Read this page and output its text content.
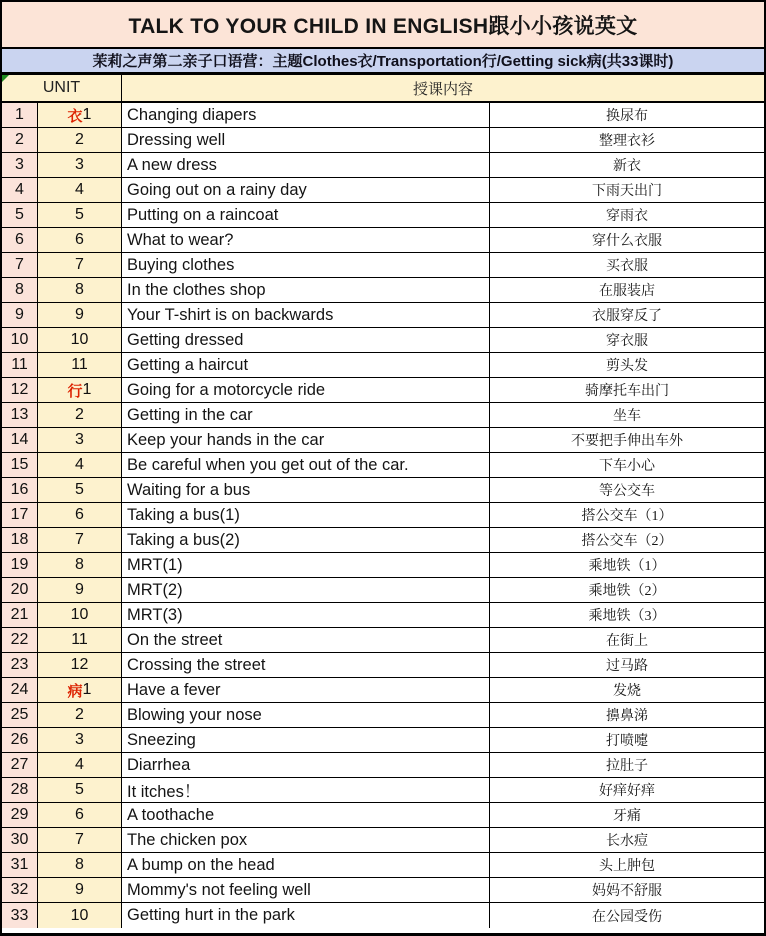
TALK TO YOUR CHILD IN ENGLISH跟小小孩说英文
茉莉之声第二亲子口语营：主题Clothes衣/Transportation行/Getting sick病(共33课时)
UNIT	授课内容
1	衣 1	Changing diapers	换尿布
2	2	Dressing well	整理衣衫
3	3	A new dress	新衣
4	4	Going out on a rainy day	下雨天出门
5	5	Putting on a raincoat	穿雨衣
6	6	What to wear?	穿什么衣服
7	7	Buying clothes	买衣服
8	8	In the clothes shop	在服装店
9	9	Your T-shirt is on backwards	衣服穿反了
10	10	Getting dressed	穿衣服
11	11	Getting a haircut	剪头发
12	行 1	Going for a motorcycle ride	骑摩托车出门
13	2	Getting in the car	坐车
14	3	Keep your hands in the car	不要把手伸出车外
15	4	Be careful when you get out of the car.	下车小心
16	5	Waiting for a bus	等公交车
17	6	Taking a bus(1)	搭公交车（1）
18	7	Taking a bus(2)	搭公交车（2）
19	8	MRT(1)	乘地铁（1）
20	9	MRT(2)	乘地铁（2）
21	10	MRT(3)	乘地铁（3）
22	11	On the street	在街上
23	12	Crossing the street	过马路
24	病 1	Have a fever	发烧
25	2	Blowing your nose	擤鼻涕
26	3	Sneezing	打喷嚏
27	4	Diarrhea	拉肚子
28	5	It itches！	好痒好痒
29	6	A toothache	牙痛
30	7	The chicken pox	长水痘
31	8	A bump on the head	头上肿包
32	9	Mommy's not feeling well	妈妈不舒服
33	10	Getting hurt in the park	在公园受伤
